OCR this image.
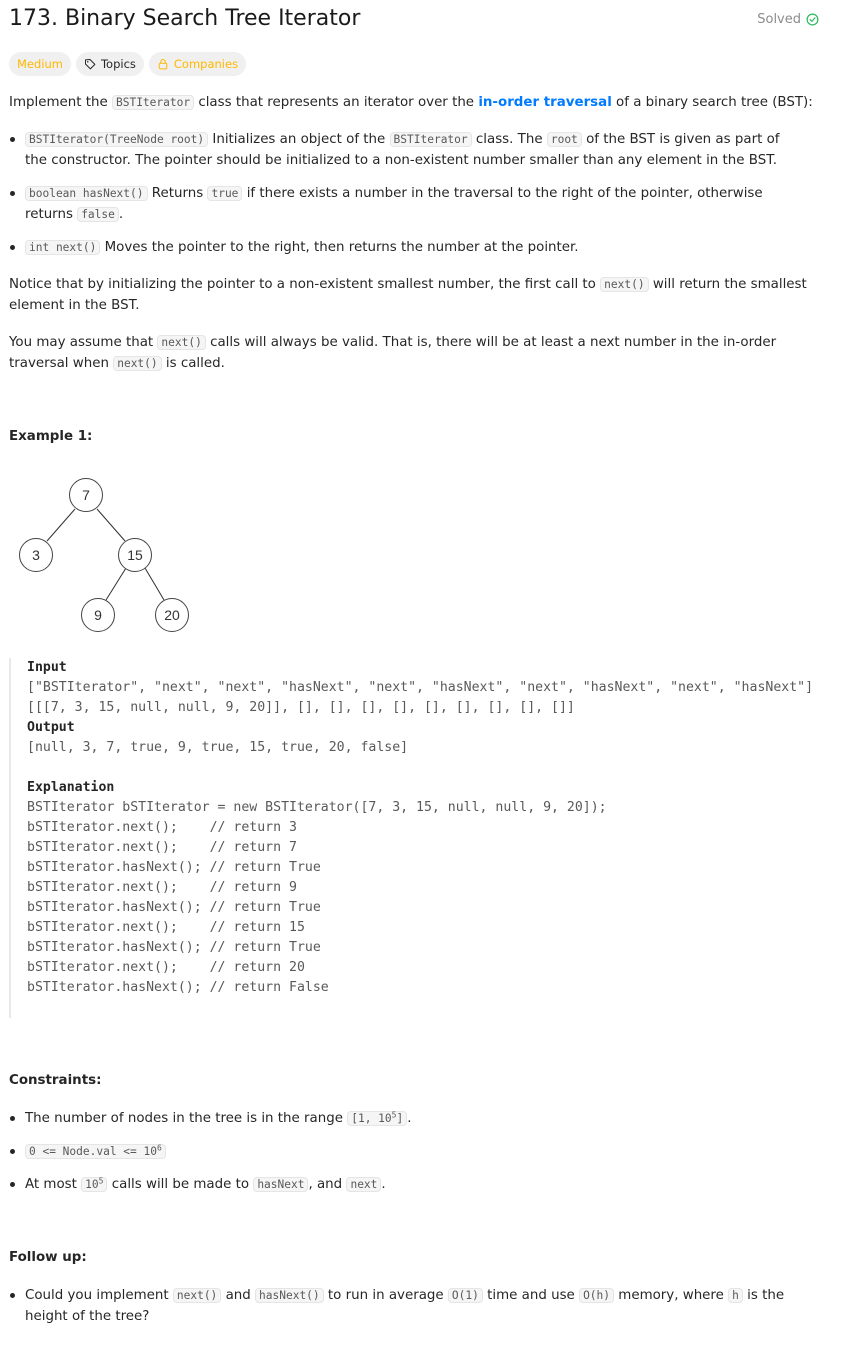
173. Binary Search Tree Iterator	Solved
Medium	Topics	Companies

Implement the BSTIterator class that represents an iterator over the in-order traversal of a binary search tree (BST):

BSTIterator(TreeNode root) Initializes an object of the BSTIterator class. The root of the BST is given as part of the constructor. The pointer should be initialized to a non-existent number smaller than any element in the BST.
boolean hasNext() Returns true if there exists a number in the traversal to the right of the pointer, otherwise returns false .
int next() Moves the pointer to the right, then returns the number at the pointer.

Notice that by initializing the pointer to a non-existent smallest number, the first call to next() will return the smallest element in the BST.

You may assume that next() calls will always be valid. That is, there will be at least a next number in the in-order traversal when next() is called.

Example 1:
7
3	15
9	20
Input
["BSTIterator", "next", "next", "hasNext", "next", "hasNext", "next", "hasNext", "next", "hasNext"]
[[[7, 3, 15, null, null, 9, 20]], [], [], [], [], [], [], [], [], []]
Output
[null, 3, 7, true, 9, true, 15, true, 20, false]

Explanation
BSTIterator bSTIterator = new BSTIterator([7, 3, 15, null, null, 9, 20]);
bSTIterator.next();    // return 3
bSTIterator.next();    // return 7
bSTIterator.hasNext(); // return True
bSTIterator.next();    // return 9
bSTIterator.hasNext(); // return True
bSTIterator.next();    // return 15
bSTIterator.hasNext(); // return True
bSTIterator.next();    // return 20
bSTIterator.hasNext(); // return False
Constraints:
The number of nodes in the tree is in the range [1, $10^5$] .
0 <= Node.val <= $10^6$
At most $10^5$ calls will be made to hasNext , and next .
Follow up:
Could you implement next() and hasNext() to run in average O(1) time and use O(h) memory, where h is the height of the tree?
